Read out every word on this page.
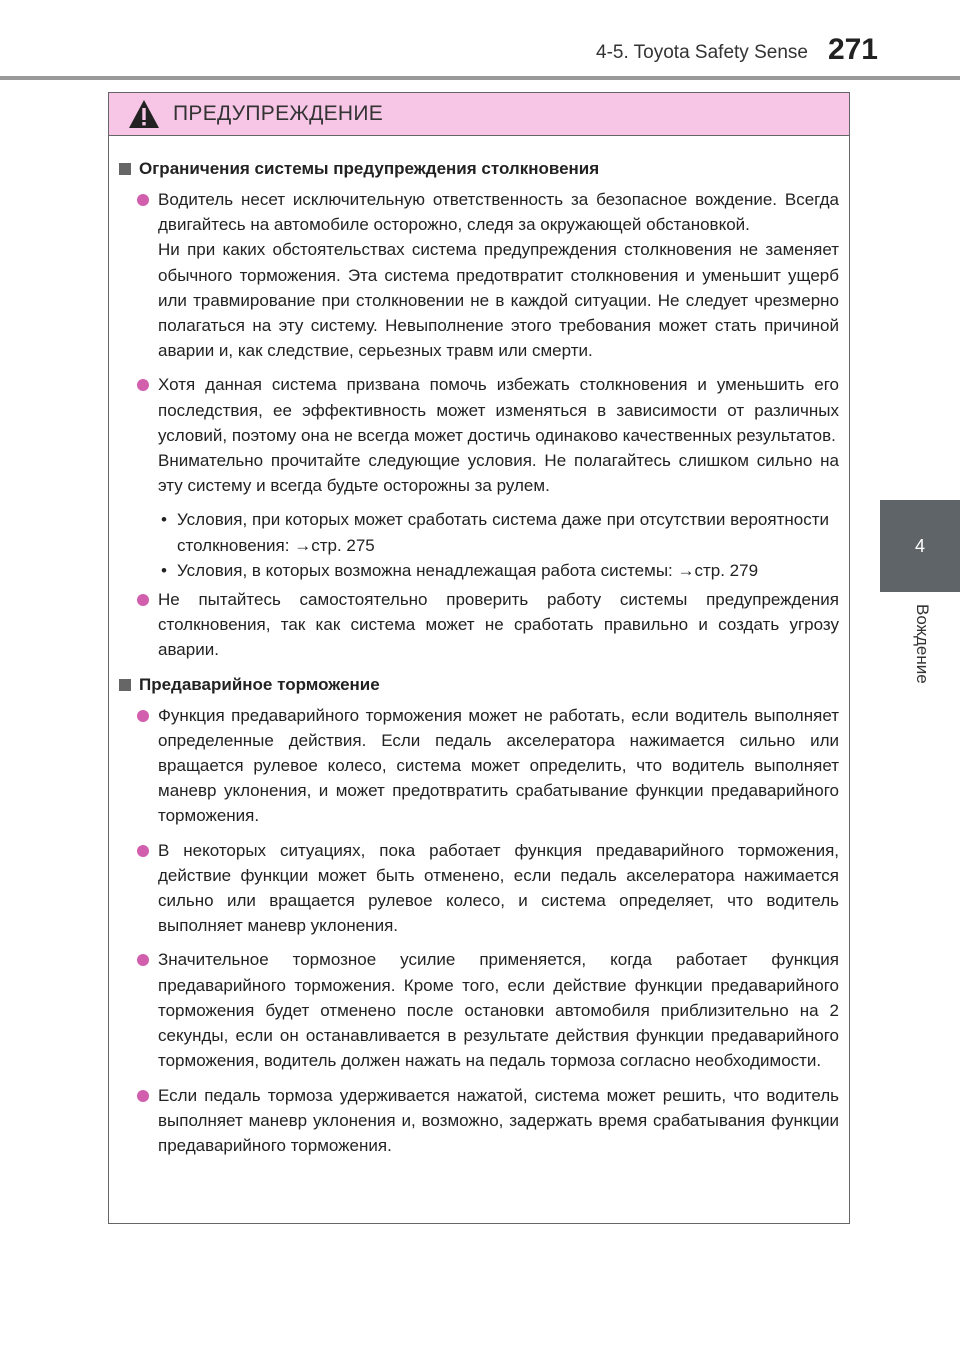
4-5. Toyota Safety Sense 271
4
Вождение
ПРЕДУПРЕЖДЕНИЕ
Ограничения системы предупреждения столкновения

Водитель несет исключительную ответственность за безопасное вождение. Всегда двигайтесь на автомобиле осторожно, следя за окружающей обстановкой.

Ни при каких обстоятельствах система предупреждения столкновения не заменяет обычного торможения. Эта система предотвратит столкновения и уменьшит ущерб или травмирование при столкновении не в каждой ситуации. Не следует чрезмерно полагаться на эту систему. Невыполнение этого требования может стать причиной аварии и, как следствие, серьезных травм или смерти.

Хотя данная система призвана помочь избежать столкновения и уменьшить его последствия, ее эффективность может изменяться в зависимости от различных условий, поэтому она не всегда может достичь одинаково качественных результатов.

Внимательно прочитайте следующие условия. Не полагайтесь слишком сильно на эту систему и всегда будьте осторожны за рулем.

• Условия, при которых может сработать система даже при отсутствии вероятности столкновения: →стр. 275
• Условия, в которых возможна ненадлежащая работа системы: →стр. 279

Не пытайтесь самостоятельно проверить работу системы предупреждения столкновения, так как система может не сработать правильно и создать угрозу аварии.

Предаварийное торможение

Функция предаварийного торможения может не работать, если водитель выполняет определенные действия. Если педаль акселератора нажимается сильно или вращается рулевое колесо, система может определить, что водитель выполняет маневр уклонения, и может предотвратить срабатывание функции предаварийного торможения.

В некоторых ситуациях, пока работает функция предаварийного торможения, действие функции может быть отменено, если педаль акселератора нажимается сильно или вращается рулевое колесо, и система определяет, что водитель выполняет маневр уклонения.

Значительное тормозное усилие применяется, когда работает функция предаварийного торможения. Кроме того, если действие функции предаварийного торможения будет отменено после остановки автомобиля приблизительно на 2 секунды, если он останавливается в результате действия функции предаварийного торможения, водитель должен нажать на педаль тормоза согласно необходимости.

Если педаль тормоза удерживается нажатой, система может решить, что водитель выполняет маневр уклонения и, возможно, задержать время срабатывания функции предаварийного торможения.
